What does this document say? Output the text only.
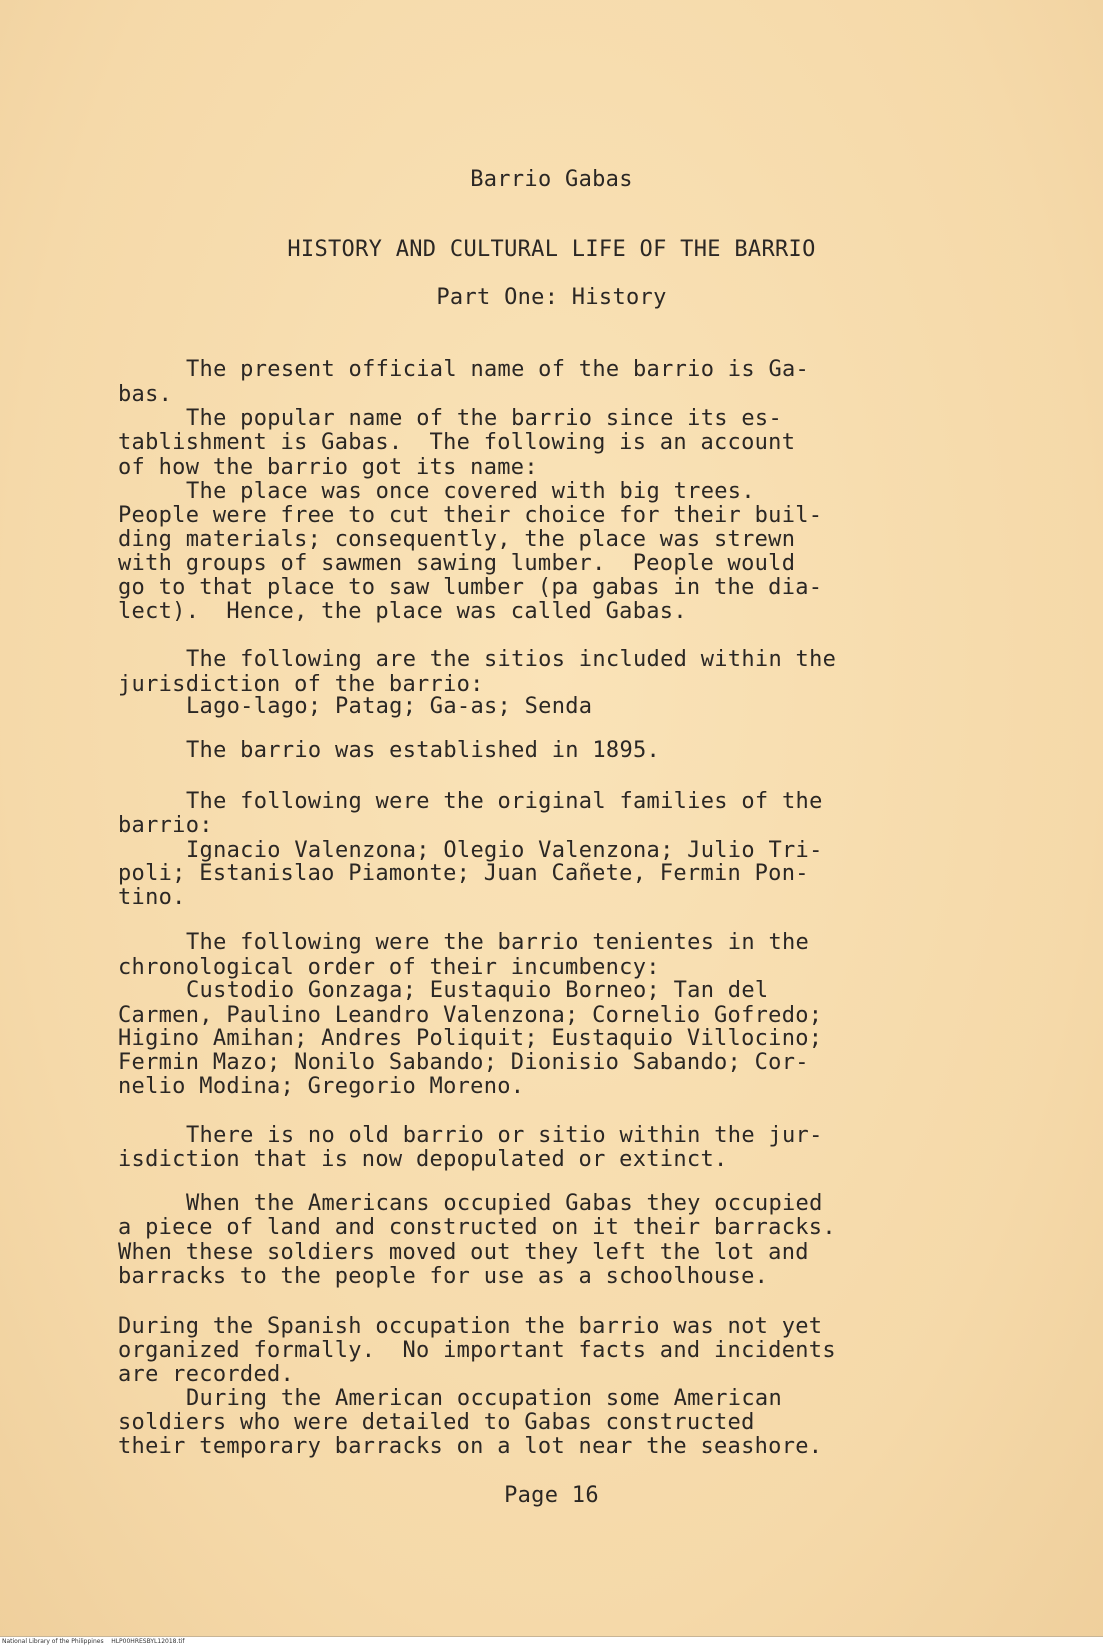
Barrio Gabas
HISTORY AND CULTURAL LIFE OF THE BARRIO
Part One: History
The present official name of the barrio is Ga-
bas.
The popular name of the barrio since its es-
tablishment is Gabas.  The following is an account
of how the barrio got its name:
The place was once covered with big trees.
People were free to cut their choice for their buil-
ding materials; consequently, the place was strewn
with groups of sawmen sawing lumber.  People would
go to that place to saw lumber (pa gabas in the dia-
lect).  Hence, the place was called Gabas.
The following are the sitios included within the
jurisdiction of the barrio:
Lago-lago; Patag; Ga-as; Senda
The barrio was established in 1895.
The following were the original families of the
barrio:
Ignacio Valenzona; Olegio Valenzona; Julio Tri-
poli; Estanislao Piamonte; Juan Cañete, Fermin Pon-
tino.
The following were the barrio tenientes in the
chronological order of their incumbency:
Custodio Gonzaga; Eustaquio Borneo; Tan del
Carmen, Paulino Leandro Valenzona; Cornelio Gofredo;
Higino Amihan; Andres Poliquit; Eustaquio Villocino;
Fermin Mazo; Nonilo Sabando; Dionisio Sabando; Cor-
nelio Modina; Gregorio Moreno.
There is no old barrio or sitio within the jur-
isdiction that is now depopulated or extinct.
When the Americans occupied Gabas they occupied
a piece of land and constructed on it their barracks.
When these soldiers moved out they left the lot and
barracks to the people for use as a schoolhouse.
During the Spanish occupation the barrio was not yet
organized formally.  No important facts and incidents
are recorded.
During the American occupation some American
soldiers who were detailed to Gabas constructed
their temporary barracks on a lot near the seashore.
Page 16
National Library of the Philippines    HLP00HRESBYL12018.tif
